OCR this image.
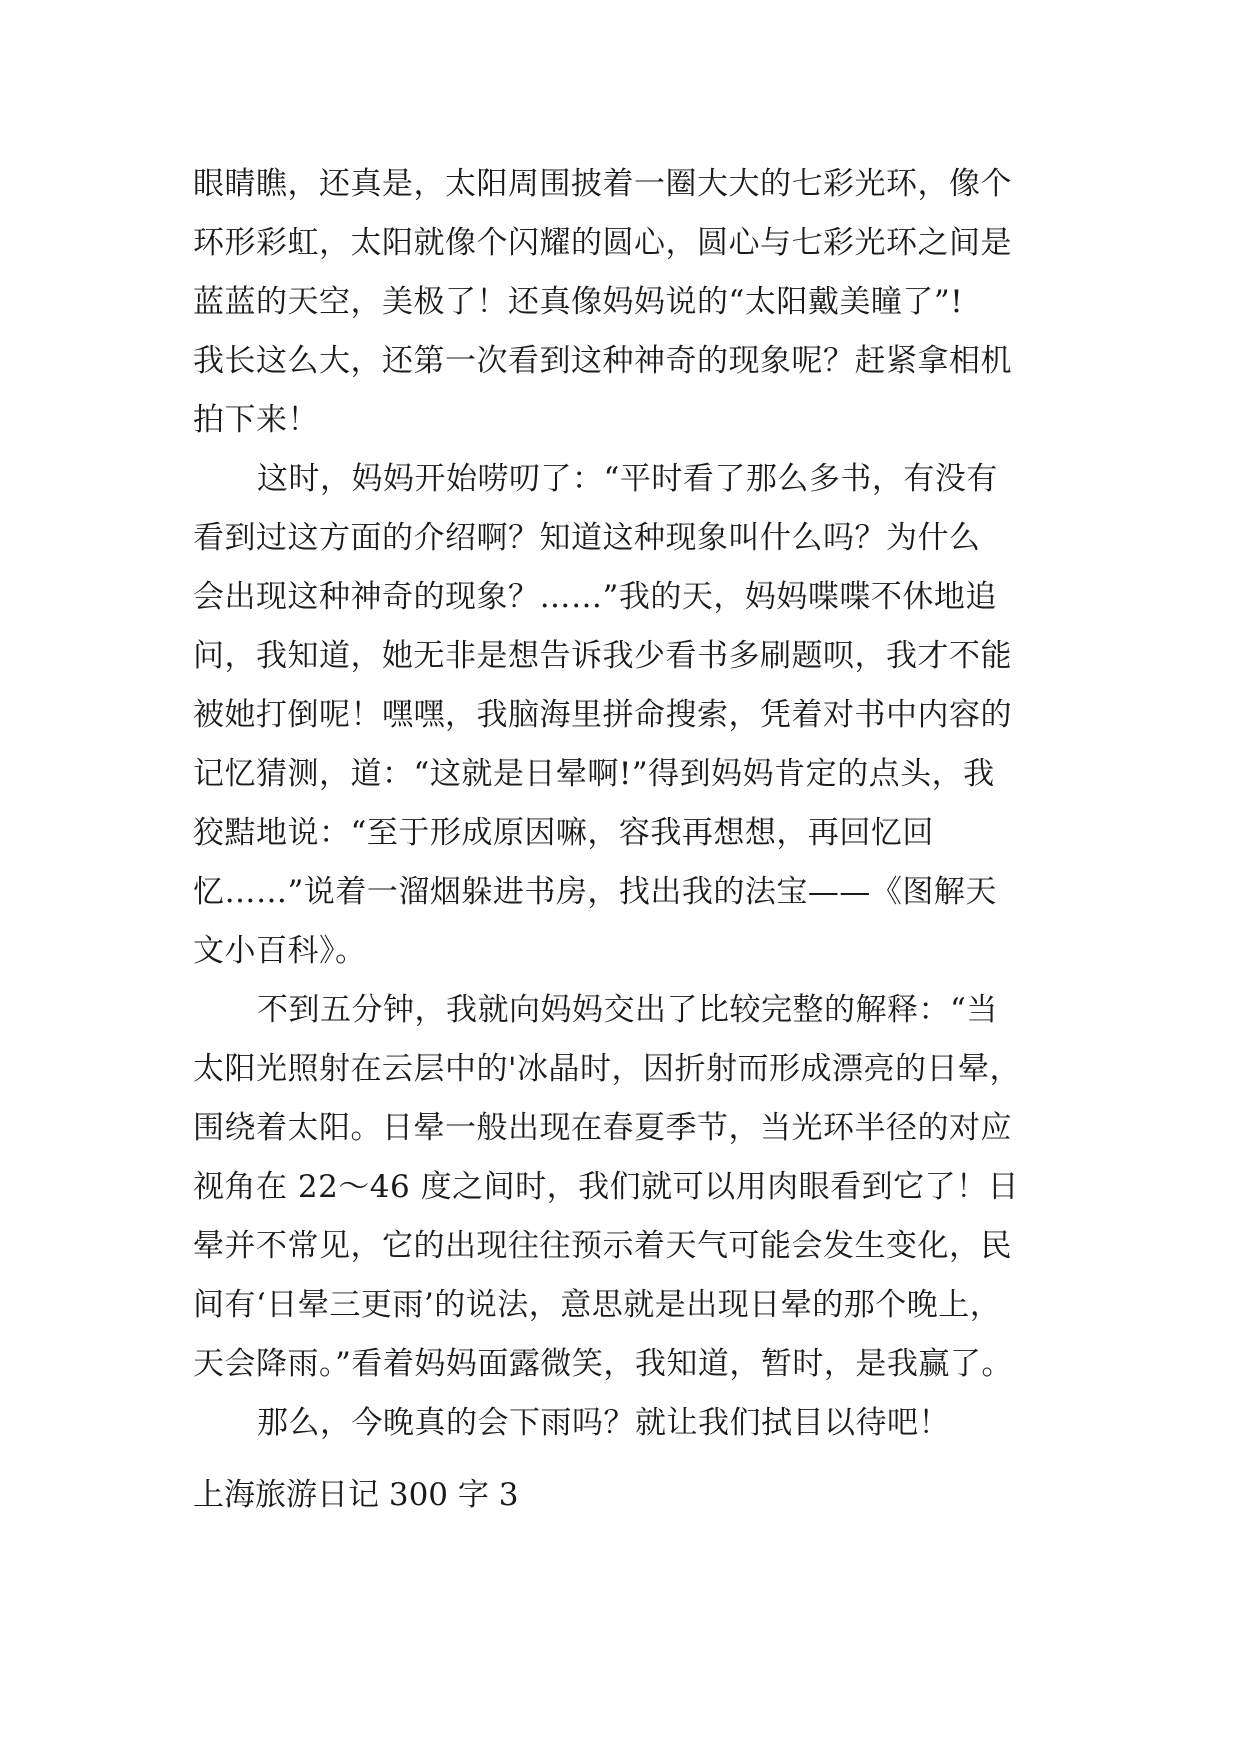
眼睛瞧，还真是，太阳周围披着一圈大大的七彩光环，像个
环形彩虹，太阳就像个闪耀的圆心，圆心与七彩光环之间是
蓝蓝的天空，美极了！还真像妈妈说的“太阳戴美瞳了”!
我长这么大，还第一次看到这种神奇的现象呢？赶紧拿相机
拍下来！
这时，妈妈开始唠叨了：“平时看了那么多书，有没有
看到过这方面的介绍啊？知道这种现象叫什么吗？为什么
会出现这种神奇的现象？……”我的天，妈妈喋喋不休地追
问，我知道，她无非是想告诉我少看书多刷题呗，我才不能
被她打倒呢！嘿嘿，我脑海里拼命搜索，凭着对书中内容的
记忆猜测，道：“这就是日晕啊!”得到妈妈肯定的点头，我
狡黠地说：“至于形成原因嘛，容我再想想，再回忆回
忆……”说着一溜烟躲进书房，找出我的法宝——《图解天
文小百科》。
不到五分钟，我就向妈妈交出了比较完整的解释：“当
太阳光照射在云层中的'冰晶时，因折射而形成漂亮的日晕，
围绕着太阳。日晕一般出现在春夏季节，当光环半径的对应
视角在 22～46 度之间时，我们就可以用肉眼看到它了！日
晕并不常见，它的出现往往预示着天气可能会发生变化，民
间有‘日晕三更雨’的说法，意思就是出现日晕的那个晚上，
天会降雨。”看着妈妈面露微笑，我知道，暂时，是我赢了。
那么，今晚真的会下雨吗？就让我们拭目以待吧！
上海旅游日记 300 字 3
